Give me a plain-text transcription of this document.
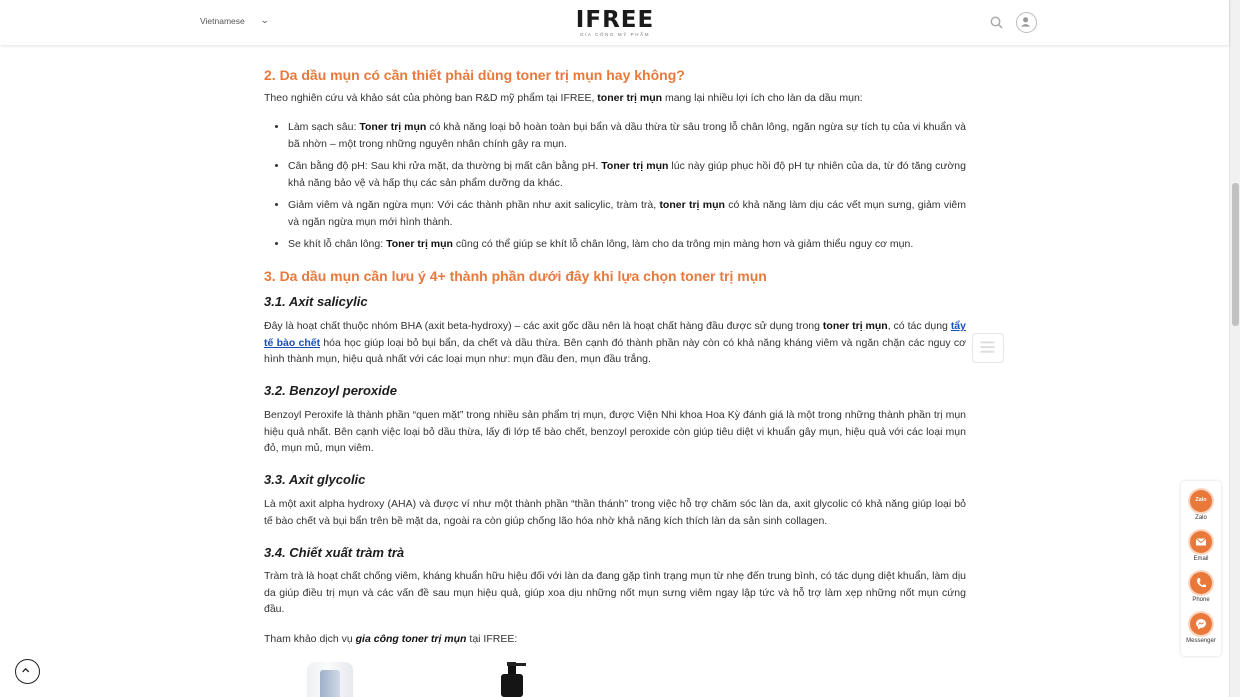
Vietnamese ⌄	IFREE
GIA CÔNG MỸ PHẨM
2. Da dầu mụn có cần thiết phải dùng toner trị mụn hay không?
Theo nghiên cứu và khảo sát của phòng ban R&D mỹ phẩm tại IFREE, toner trị mụn mang lại nhiều lợi ích cho làn da dầu mụn:
• Làm sạch sâu: Toner trị mụn có khả năng loại bỏ hoàn toàn bụi bẩn và dầu thừa từ sâu trong lỗ chân lông, ngăn ngừa sự tích tụ của vi khuẩn và bã nhờn – một trong những nguyên nhân chính gây ra mụn.
• Cân bằng độ pH: Sau khi rửa mặt, da thường bị mất cân bằng pH. Toner trị mụn lúc này giúp phục hồi độ pH tự nhiên của da, từ đó tăng cường khả năng bảo vệ và hấp thụ các sản phẩm dưỡng da khác.
• Giảm viêm và ngăn ngừa mụn: Với các thành phần như axit salicylic, tràm trà, toner trị mụn có khả năng làm dịu các vết mụn sưng, giảm viêm và ngăn ngừa mụn mới hình thành.
• Se khít lỗ chân lông: Toner trị mụn cũng có thể giúp se khít lỗ chân lông, làm cho da trông mịn màng hơn và giảm thiểu nguy cơ mụn.
3. Da dầu mụn cần lưu ý 4+ thành phần dưới đây khi lựa chọn toner trị mụn
3.1. Axit salicylic
Đây là hoạt chất thuộc nhóm BHA (axit beta-hydroxy) – các axit gốc dầu nên là hoạt chất hàng đầu được sử dụng trong toner trị mụn, có tác dụng tẩy tế bào chết hóa học giúp loại bỏ bụi bẩn, da chết và dầu thừa. Bên cạnh đó thành phần này còn có khả năng kháng viêm và ngăn chặn các nguy cơ hình thành mụn, hiệu quả nhất với các loại mụn như: mụn đầu đen, mụn đầu trắng.
3.2. Benzoyl peroxide
Benzoyl Peroxife là thành phần “quen mặt” trong nhiều sản phẩm trị mụn, được Viện Nhi khoa Hoa Kỳ đánh giá là một trong những thành phần trị mụn hiệu quả nhất. Bên cạnh việc loại bỏ dầu thừa, lấy đi lớp tế bào chết, benzoyl peroxide còn giúp tiêu diệt vi khuẩn gây mụn, hiệu quả với các loại mụn đỏ, mụn mủ, mụn viêm.
3.3. Axit glycolic
Là một axit alpha hydroxy (AHA) và được ví như một thành phần “thần thánh” trong việc hỗ trợ chăm sóc làn da, axit glycolic có khả năng giúp loại bỏ tế bào chết và bụi bẩn trên bề mặt da, ngoài ra còn giúp chống lão hóa nhờ khả năng kích thích làn da sản sinh collagen.
3.4. Chiết xuất tràm trà
Tràm trà là hoạt chất chống viêm, kháng khuẩn hữu hiệu đối với làn da đang gặp tình trạng mụn từ nhẹ đến trung bình, có tác dụng diệt khuẩn, làm dịu da giúp điều trị mụn và các vấn đề sau mụn hiệu quả, giúp xoa dịu những nốt mụn sưng viêm ngay lập tức và hỗ trợ làm xẹp những nốt mụn cứng đầu.
Tham khảo dịch vụ gia công toner trị mụn tại IFREE:
Zalo
Zalo
Email
Phone
Messenger
